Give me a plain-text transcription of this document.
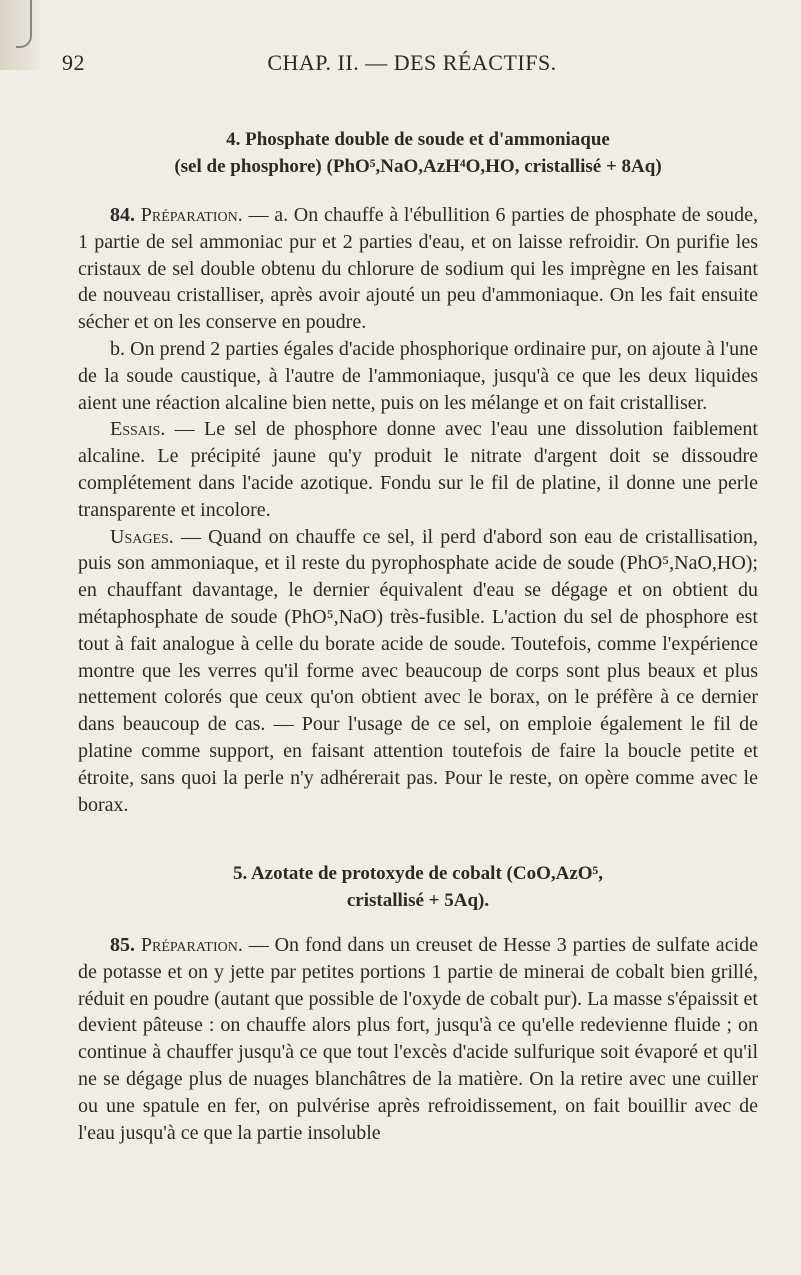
92	CHAP. II. — DES RÉACTIFS.
4. Phosphate double de soude et d'ammoniaque
(sel de phosphore) (PhO⁵,NaO,AzH⁴O,HO, cristallisé + 8Aq)

84. Préparation. — a. On chauffe à l'ébullition 6 parties de phosphate de soude, 1 partie de sel ammoniac pur et 2 parties d'eau, et on laisse refroidir. On purifie les cristaux de sel double obtenu du chlorure de sodium qui les imprègne en les faisant de nouveau cristalliser, après avoir ajouté un peu d'ammoniaque. On les fait ensuite sécher et on les conserve en poudre.

b. On prend 2 parties égales d'acide phosphorique ordinaire pur, on ajoute à l'une de la soude caustique, à l'autre de l'ammoniaque, jusqu'à ce que les deux liquides aient une réaction alcaline bien nette, puis on les mélange et on fait cristalliser.

Essais. — Le sel de phosphore donne avec l'eau une dissolution faiblement alcaline. Le précipité jaune qu'y produit le nitrate d'argent doit se dissoudre complétement dans l'acide azotique. Fondu sur le fil de platine, il donne une perle transparente et incolore.

Usages. — Quand on chauffe ce sel, il perd d'abord son eau de cristallisation, puis son ammoniaque, et il reste du pyrophosphate acide de soude (PhO⁵,NaO,HO); en chauffant davantage, le dernier équivalent d'eau se dégage et on obtient du métaphosphate de soude (PhO⁵,NaO) très-fusible. L'action du sel de phosphore est tout à fait analogue à celle du borate acide de soude. Toutefois, comme l'expérience montre que les verres qu'il forme avec beaucoup de corps sont plus beaux et plus nettement colorés que ceux qu'on obtient avec le borax, on le préfère à ce dernier dans beaucoup de cas. — Pour l'usage de ce sel, on emploie également le fil de platine comme support, en faisant attention toutefois de faire la boucle petite et étroite, sans quoi la perle n'y adhérerait pas. Pour le reste, on opère comme avec le borax.

5. Azotate de protoxyde de cobalt (CoO,AzO⁵,
cristallisé + 5Aq).

85. Préparation. — On fond dans un creuset de Hesse 3 parties de sulfate acide de potasse et on y jette par petites portions 1 partie de minerai de cobalt bien grillé, réduit en poudre (autant que possible de l'oxyde de cobalt pur). La masse s'épaissit et devient pâteuse : on chauffe alors plus fort, jusqu'à ce qu'elle redevienne fluide ; on continue à chauffer jusqu'à ce que tout l'excès d'acide sulfurique soit évaporé et qu'il ne se dégage plus de nuages blanchâtres de la matière. On la retire avec une cuiller ou une spatule en fer, on pulvérise après refroidissement, on fait bouillir avec de l'eau jusqu'à ce que la partie insoluble
